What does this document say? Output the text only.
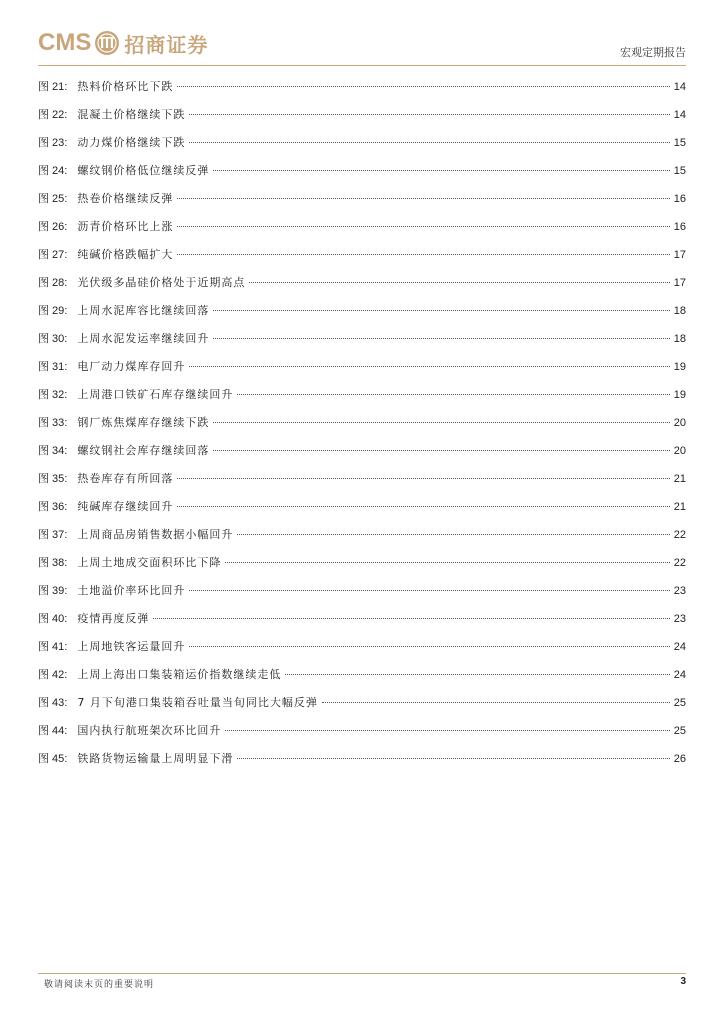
CMS 招商证券	宏观定期报告
图 21: 热料价格环比下跌	14
图 22: 混凝土价格继续下跌	14
图 23: 动力煤价格继续下跌	15
图 24: 螺纹钢价格低位继续反弹	15
图 25: 热卷价格继续反弹	16
图 26: 沥青价格环比上涨	16
图 27: 纯碱价格跌幅扩大	17
图 28: 光伏级多晶硅价格处于近期高点	17
图 29: 上周水泥库容比继续回落	18
图 30: 上周水泥发运率继续回升	18
图 31: 电厂动力煤库存回升	19
图 32: 上周港口铁矿石库存继续回升	19
图 33: 钢厂炼焦煤库存继续下跌	20
图 34: 螺纹钢社会库存继续回落	20
图 35: 热卷库存有所回落	21
图 36: 纯碱库存继续回升	21
图 37: 上周商品房销售数据小幅回升	22
图 38: 上周土地成交面积环比下降	22
图 39: 土地溢价率环比回升	23
图 40: 疫情再度反弹	23
图 41: 上周地铁客运量回升	24
图 42: 上周上海出口集装箱运价指数继续走低	24
图 43: 7 月下旬港口集装箱吞吐量当旬同比大幅反弹	25
图 44: 国内执行航班架次环比回升	25
图 45: 铁路货物运输量上周明显下滑	26
敬请阅读末页的重要说明	3
